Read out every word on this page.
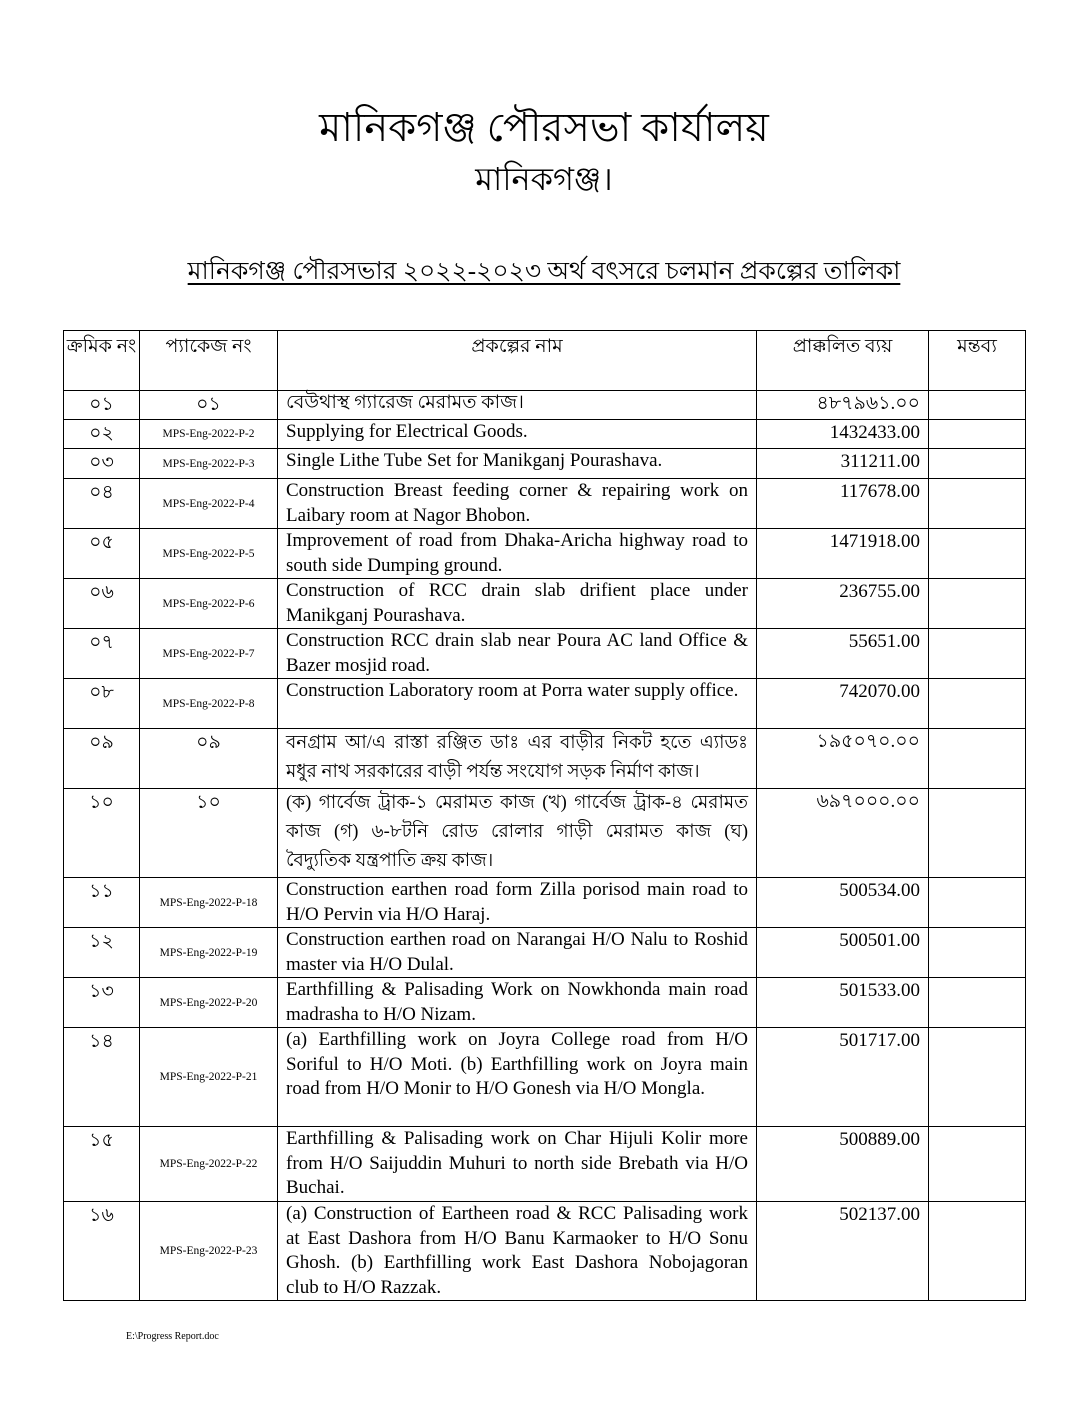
মানিকগঞ্জ পৌরসভা কার্যালয়
মানিকগঞ্জ।
মানিকগঞ্জ পৌরসভার ২০২২-২০২৩ অর্থ বৎসরে চলমান প্রকল্পের তালিকা
ক্রমিক নং	প্যাকেজ নং	প্রকল্পের নাম	প্রাক্কলিত ব্যয়	মন্তব্য
০১	০১	বেউথাস্থ গ্যারেজ মেরামত কাজ।	৪৮৭৯৬১.০০	
০২	MPS-Eng-2022-P-2	Supplying for Electrical Goods.	1432433.00	
০৩	MPS-Eng-2022-P-3	Single Lithe Tube Set for Manikganj Pourashava.	311211.00	
০৪	MPS-Eng-2022-P-4	Construction Breast feeding corner & repairing work on Laibary room at Nagor Bhobon.	117678.00	
০৫	MPS-Eng-2022-P-5	Improvement of road from Dhaka-Aricha highway road to south side Dumping ground.	1471918.00	
০৬	MPS-Eng-2022-P-6	Construction of RCC drain slab drifient place under Manikganj Pourashava.	236755.00	
০৭	MPS-Eng-2022-P-7	Construction RCC drain slab near Poura AC land Office & Bazer mosjid road.	55651.00	
০৮	MPS-Eng-2022-P-8	Construction Laboratory room at Porra water supply office.	742070.00	
০৯	০৯	বনগ্রাম আ/এ রাস্তা রঞ্জিত ডাঃ এর বাড়ীর নিকট হতে এ্যাডঃ মধুর নাথ সরকারের বাড়ী পর্যন্ত সংযোগ সড়ক নির্মাণ কাজ।	১৯৫০৭০.০০	
১০	১০	(ক) গার্বেজ ট্রাক-১ মেরামত কাজ (খ) গার্বেজ ট্রাক-৪ মেরামত কাজ (গ) ৬-৮টনি রোড রোলার গাড়ী মেরামত কাজ (ঘ) বৈদ্যুতিক যন্ত্রপাতি ক্রয় কাজ।	৬৯৭০০০.০০	
১১	MPS-Eng-2022-P-18	Construction earthen road form Zilla porisod main road to H/O Pervin via H/O Haraj.	500534.00	
১২	MPS-Eng-2022-P-19	Construction earthen road on Narangai H/O Nalu to Roshid master via H/O Dulal.	500501.00	
১৩	MPS-Eng-2022-P-20	Earthfilling & Palisading Work on Nowkhonda main road madrasha to H/O Nizam.	501533.00	
১৪	MPS-Eng-2022-P-21	(a) Earthfilling work on Joyra College road from H/O Soriful to H/O Moti. (b) Earthfilling work on Joyra main road from H/O Monir to H/O Gonesh via H/O Mongla.	501717.00	
১৫	MPS-Eng-2022-P-22	Earthfilling & Palisading work on Char Hijuli Kolir more from H/O Saijuddin Muhuri to north side Brebath via H/O Buchai.	500889.00	
১৬	MPS-Eng-2022-P-23	(a) Construction of Eartheen road & RCC Palisading work at East Dashora from H/O Banu Karmaoker to H/O Sonu Ghosh. (b) Earthfilling work East Dashora Nobojagoran club to H/O Razzak.	502137.00	
E:\Progress Report.doc
